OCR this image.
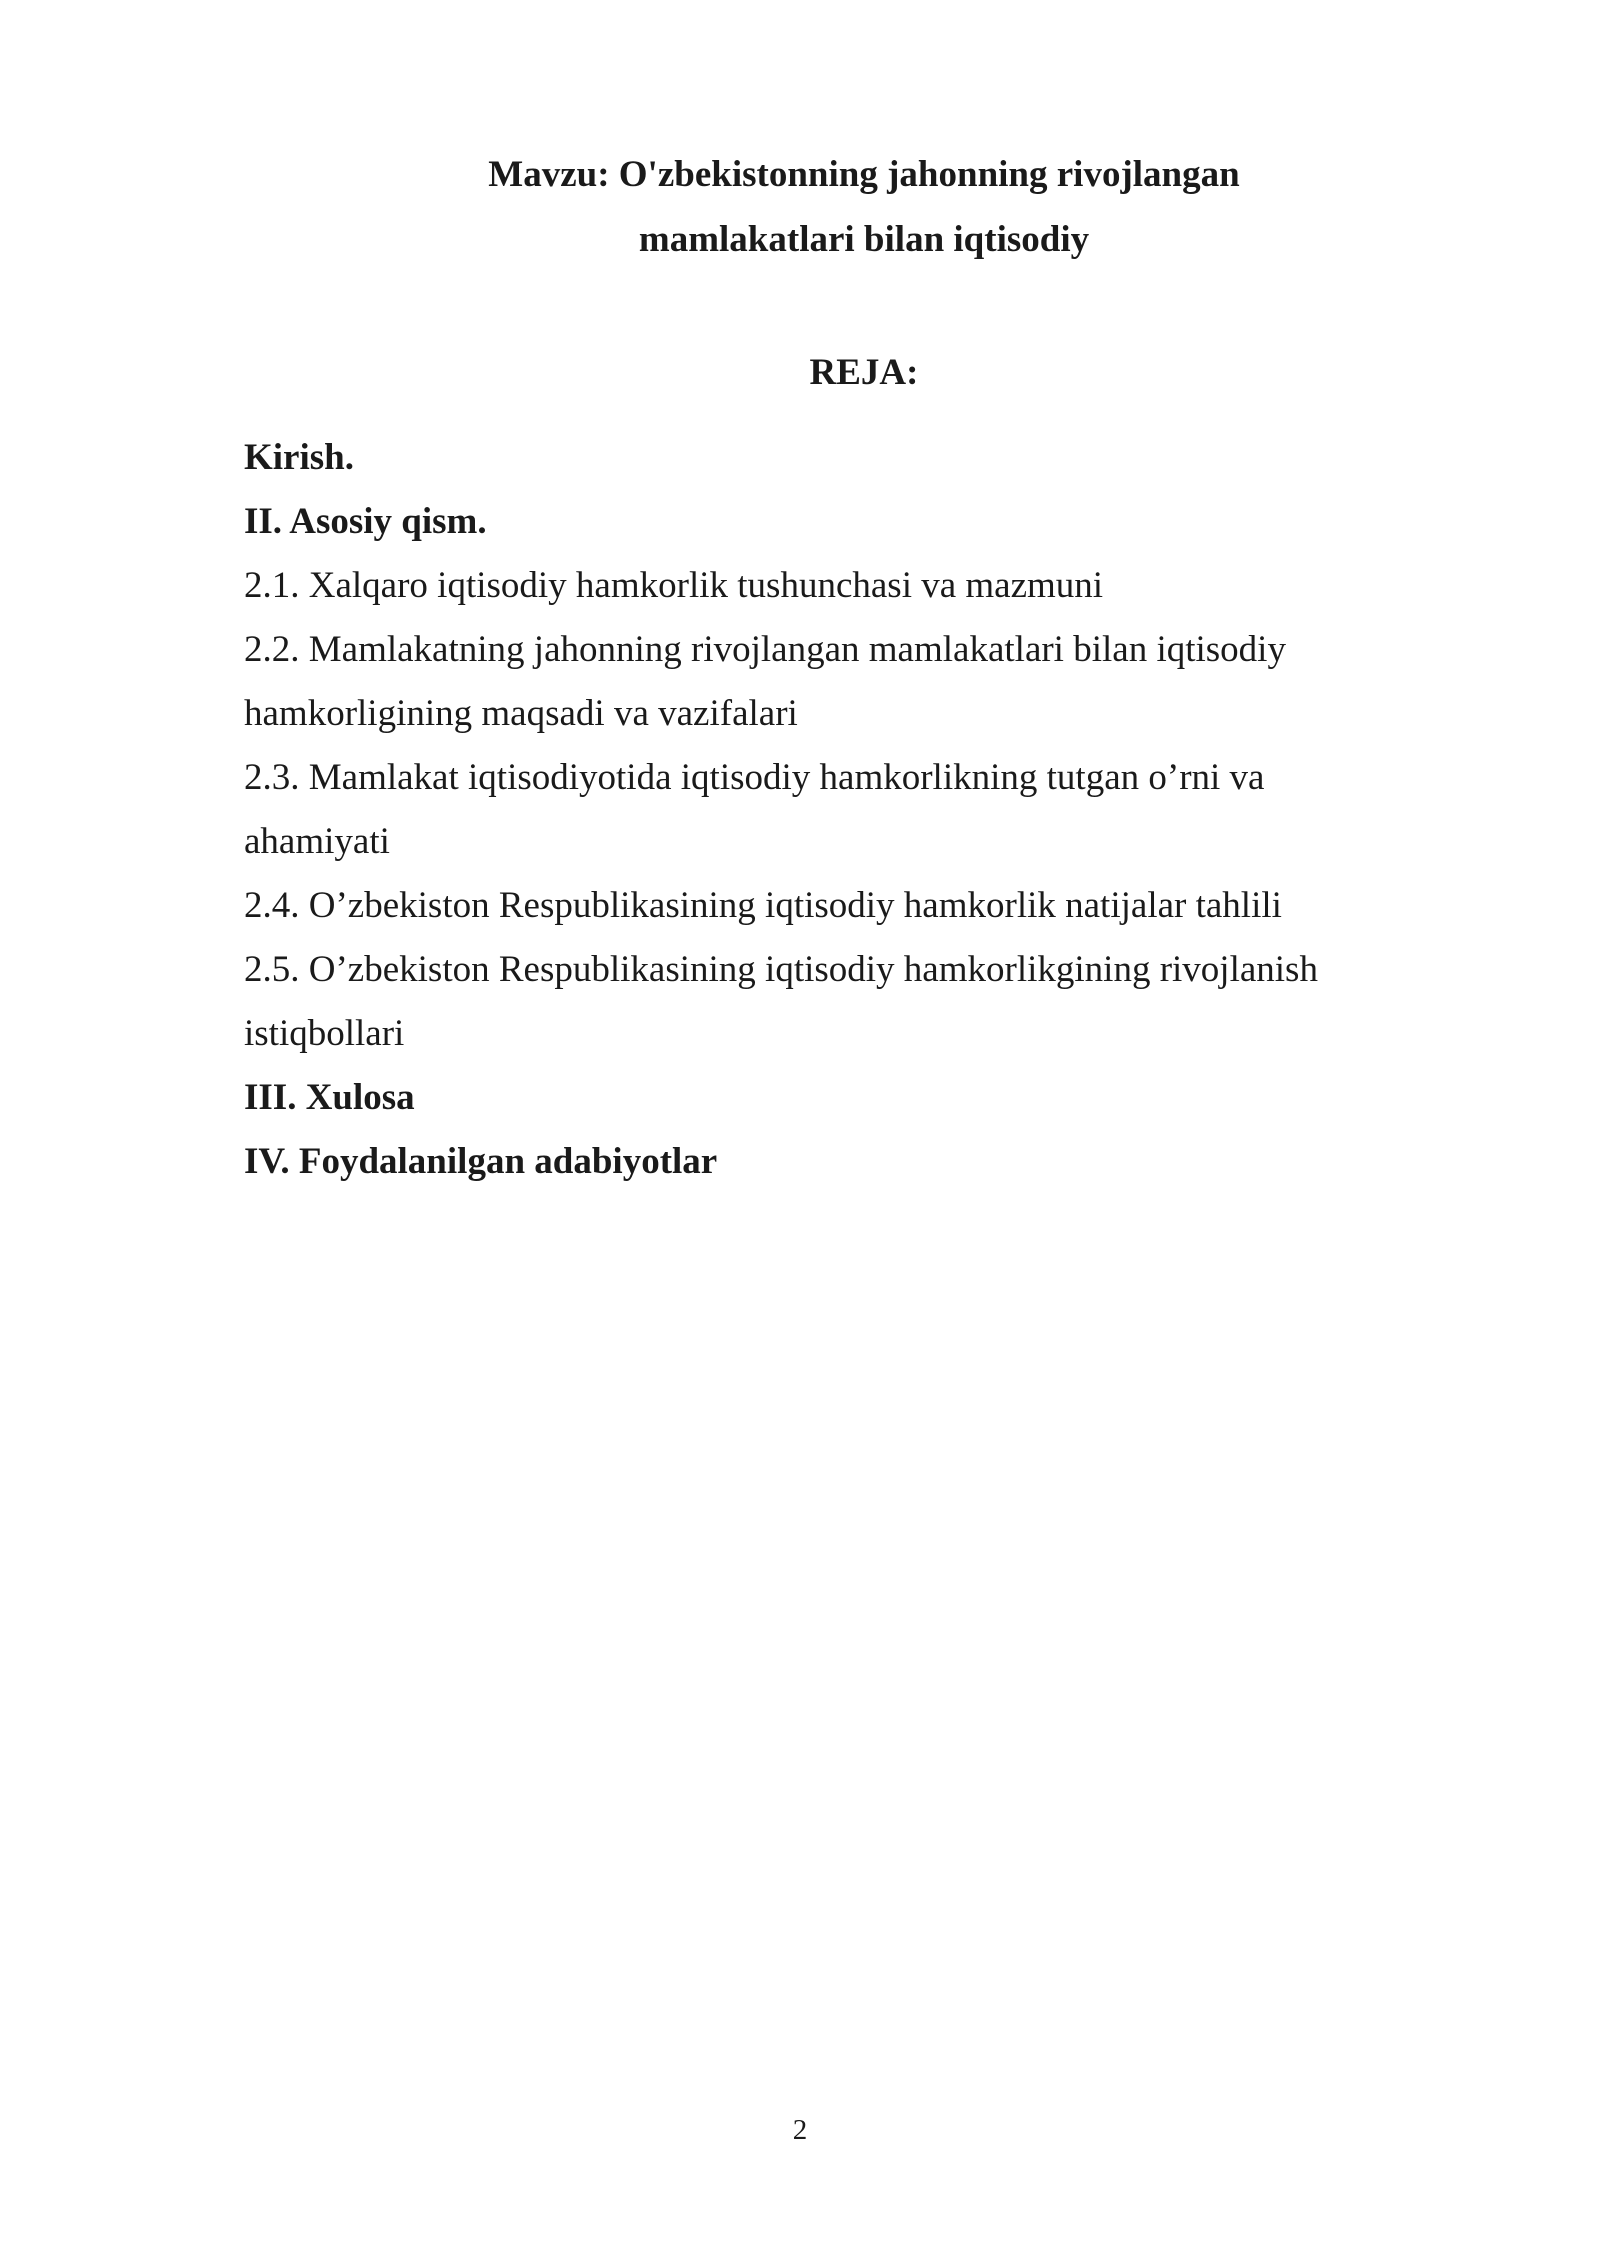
Mavzu: O'zbekistonning jahonning rivojlangan
mamlakatlari bilan iqtisodiy
REJA:
Kirish.
II. Asosiy qism.
2.1. Xalqaro iqtisodiy hamkorlik tushunchasi va mazmuni
2.2. Mamlakatning jahonning rivojlangan mamlakatlari bilan iqtisodiy hamkorligining maqsadi va vazifalari
2.3. Mamlakat iqtisodiyotida iqtisodiy hamkorlikning tutgan o’rni va ahamiyati
2.4. O’zbekiston Respublikasining iqtisodiy hamkorlik natijalar tahlili
2.5. O’zbekiston Respublikasining iqtisodiy hamkorlikgining rivojlanish istiqbollari
III. Xulosa
IV. Foydalanilgan adabiyotlar
2
